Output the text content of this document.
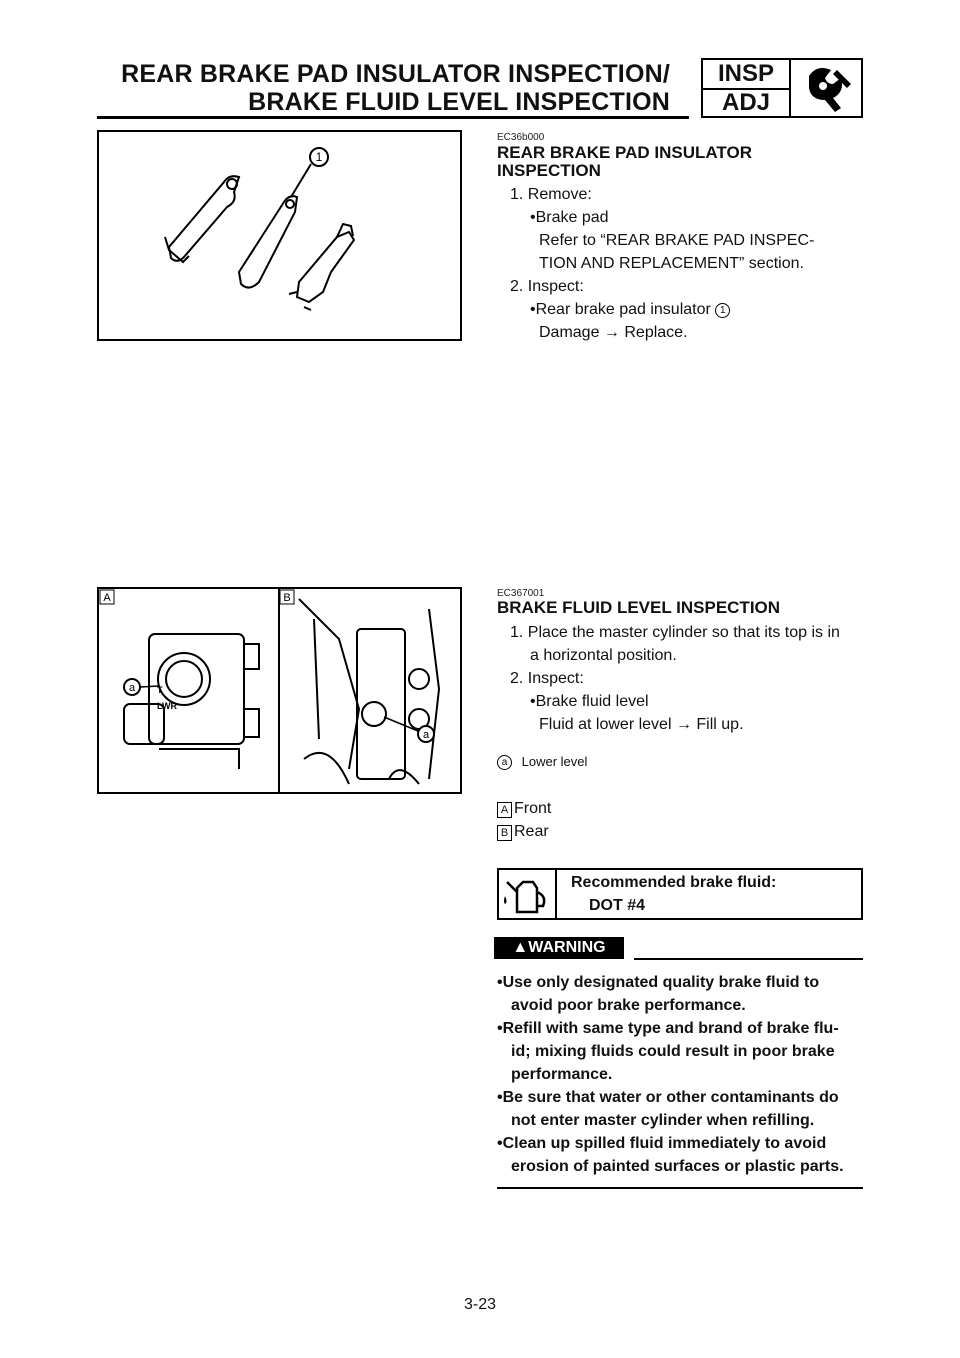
REAR BRAKE PAD INSULATOR INSPECTION/
BRAKE FLUID LEVEL INSPECTION
INSP
ADJ
1
EC36b000
REAR BRAKE PAD INSULATOR
INSPECTION
1. Remove:
•Brake pad
Refer to “REAR BRAKE PAD INSPEC-
TION AND REPLACEMENT” section.
2. Inspect:
•Rear brake pad insulator 1
Damage → Replace.
A	B
a T
LWR
a
EC367001
BRAKE FLUID LEVEL INSPECTION
1. Place the master cylinder so that its top is in
a horizontal position.
2. Inspect:
•Brake fluid level
Fluid at lower level → Fill up.
a Lower level
A Front
B Rear
Recommended brake fluid:
DOT #4
▲WARNING
•Use only designated quality brake fluid to
avoid poor brake performance.
•Refill with same type and brand of brake flu-
id; mixing fluids could result in poor brake
performance.
•Be sure that water or other contaminants do
not enter master cylinder when refilling.
•Clean up spilled fluid immediately to avoid
erosion of painted surfaces or plastic parts.
3-23
